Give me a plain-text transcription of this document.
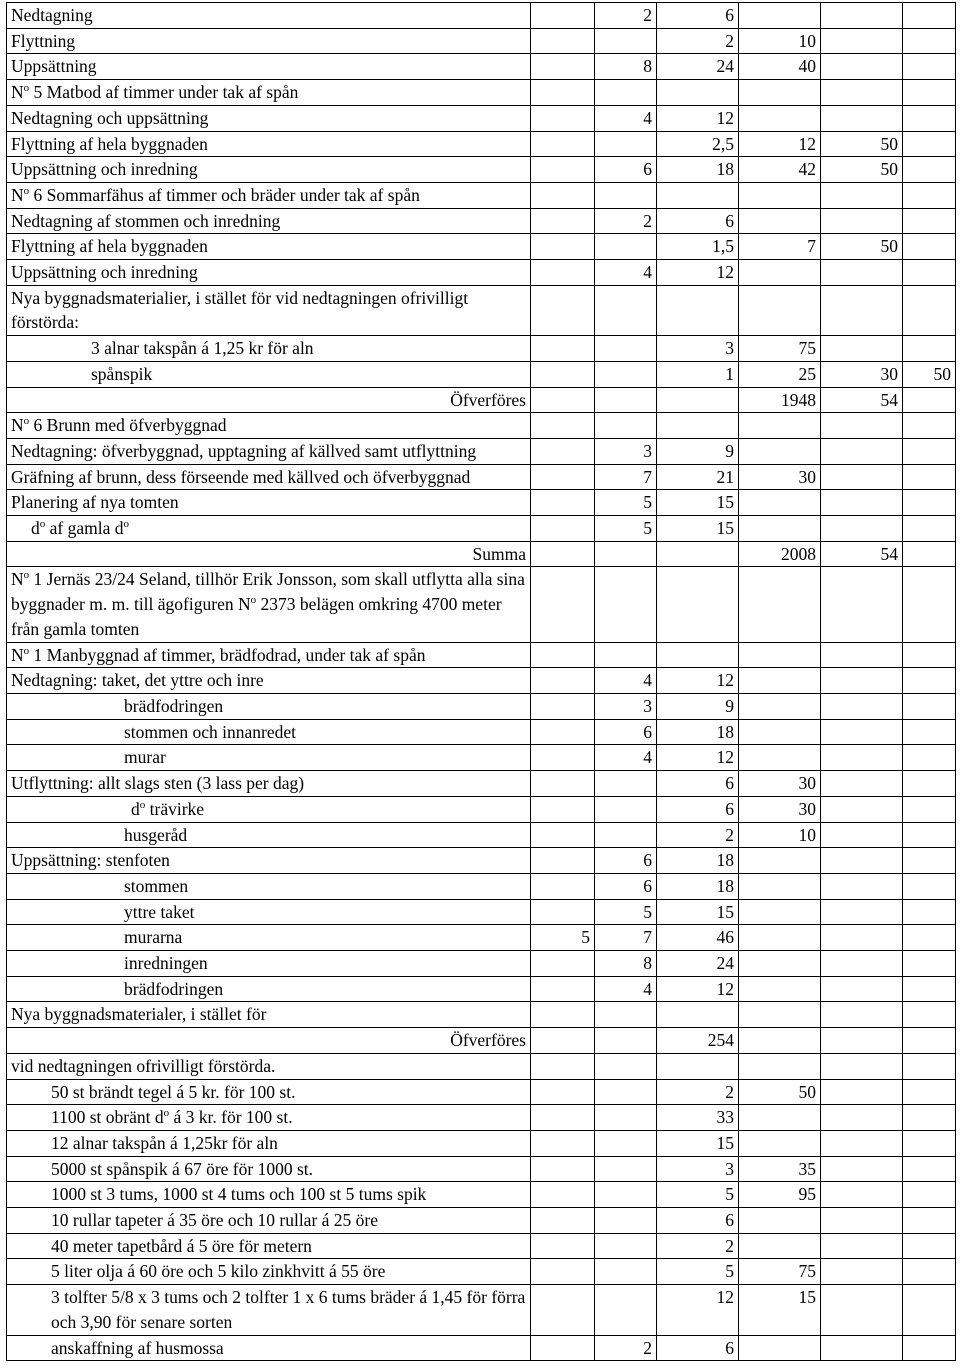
Nedtagning		2	6			
Flyttning			2	10		
Uppsättning		8	24	40		
$N^o$ 5 Matbod af timmer under tak af spån						
Nedtagning och uppsättning		4	12			
Flyttning af hela byggnaden			2,5	12	50	
Uppsättning och inredning		6	18	42	50	
$N^o$ 6 Sommarfähus af timmer och bräder under tak af spån						
Nedtagning af stommen och inredning		2	6			
Flyttning af hela byggnaden			1,5	7	50	
Uppsättning och inredning		4	12			
Nya byggnadsmaterialier, i stället för vid nedtagningen ofrivilligt förstörda:						
3 alnar takspån á 1,25 kr för aln			3	75		
spånspik			1	25	30	50
Öfverföres				1948	54	
$N^o$ 6 Brunn med öfverbyggnad						
Nedtagning: öfverbyggnad, upptagning af källved samt utflyttning		3	9			
Gräfning af brunn, dess förseende med källved och öfverbyggnad		7	21	30		
Planering af nya tomten		5	15			
$d^o$ af gamla $d^o$		5	15			
Summa				2008	54	
$N^o$ 1 Jernäs 23/24 Seland, tillhör Erik Jonsson, som skall utflytta alla sina byggnader m. m. till ägofiguren $N^o$ 2373 belägen omkring 4700 meter från gamla tomten						
$N^o$ 1 Manbyggnad af timmer, brädfodrad, under tak af spån						
Nedtagning: taket, det yttre och inre		4	12			
brädfodringen		3	9			
stommen och innanredet		6	18			
murar		4	12			
Utflyttning: allt slags sten (3 lass per dag)			6	30		
$d^o$ trävirke			6	30		
husgeråd			2	10		
Uppsättning: stenfoten		6	18			
stommen		6	18			
yttre taket		5	15			
murarna	5	7	46			
inredningen		8	24			
brädfodringen		4	12			
Nya byggnadsmaterialer, i stället för						
Öfverföres			254			
vid nedtagningen ofrivilligt förstörda.						
50 st brändt tegel á 5 kr. för 100 st.			2	50		
1100 st obränt $d^o$ á 3 kr. för 100 st.			33			
12 alnar takspån á 1,25kr för aln			15			
5000 st spånspik á 67 öre för 1000 st.			3	35		
1000 st 3 tums, 1000 st 4 tums och 100 st 5 tums spik			5	95		
10 rullar tapeter á 35 öre och 10 rullar á 25 öre			6			
40 meter tapetbård á 5 öre för metern			2			
5 liter olja á 60 öre och 5 kilo zinkhvitt á 55 öre			5	75		
3 tolfter 5/8 x 3 tums och 2 tolfter 1 x 6 tums bräder á 1,45 för förra och 3,90 för senare sorten			12	15		
anskaffning af husmossa		2	6			
